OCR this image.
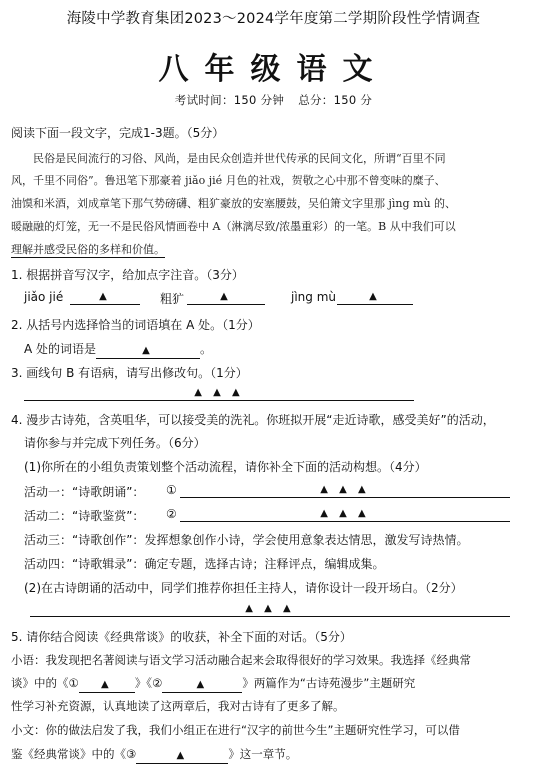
海陵中学教育集团2023～2024学年度第二学期阶段性学情调查
八年级语文
考试时间：150 分钟 总分：150 分
阅读下面一段文字，完成1-3题。（5分）
民俗是民间流行的习俗、风尚，是由民众创造并世代传承的民间文化，所谓“百里不同
风，千里不同俗”。鲁迅笔下那豪着 jiǎo jié 月色的社戏，贺敬之心中那不曾变味的糜子、
油馍和米酒，刘成章笔下那气势磅礴、粗犷豪放的安塞腰鼓，吴伯箫文字里那 jìng mù 的、
暖融融的灯笼，无一不是民俗风情画卷中 A（淋漓尽致/浓墨重彩）的一笔。B 从中我们可以
理解并感受民俗的多样和价值。
1. 根据拼音写汉字，给加点字注音。（3分）
jiǎo jié	▲	粗犷	▲	jìng mù	▲
2. 从括号内选择恰当的词语填在 A 处。（1分）
A 处的词语是	▲	。
3. 画线句 B 有语病，请写出修改句。（1分）
▲ ▲ ▲
4. 漫步古诗苑，含英咀华，可以接受美的洗礼。你班拟开展“走近诗歌，感受美好”的活动，
请你参与并完成下列任务。（6分）
(1)你所在的小组负责策划整个活动流程，请你补全下面的活动构想。（4分）
活动一：“诗歌朗诵”： ①	▲ ▲ ▲
活动二：“诗歌鉴赏”： ②	▲ ▲ ▲
活动三：“诗歌创作”：发挥想象创作小诗，学会使用意象表达情思，激发写诗热情。
活动四：“诗歌辑录”：确定专题，选择古诗；注释评点，编辑成集。
(2)在古诗朗诵的活动中，同学们推荐你担任主持人，请你设计一段开场白。（2分）
▲ ▲ ▲
5. 请你结合阅读《经典常谈》的收获，补全下面的对话。（5分）
小语：我发现把名著阅读与语文学习活动融合起来会取得很好的学习效果。我选择《经典常
谈》中的《① ▲ 》《②	▲	》两篇作为“古诗苑漫步”主题研究
性学习补充资源，认真地读了这两章后，我对古诗有了更多了解。
小文：你的做法启发了我，我们小组正在进行“汉字的前世今生”主题研究性学习，可以借
鉴《经典常谈》中的《③	▲	》这一章节。
